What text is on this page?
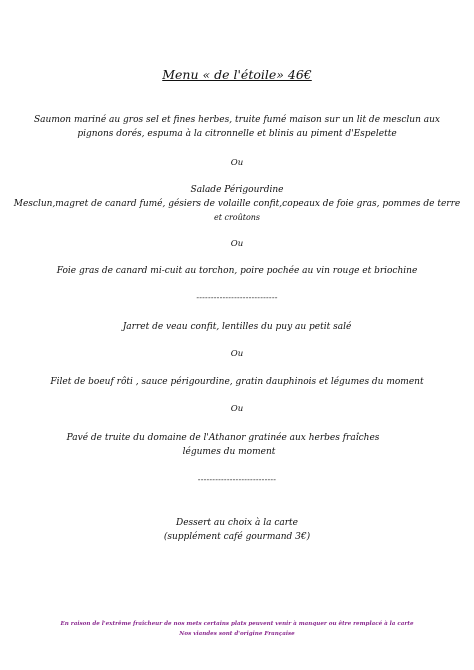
Menu « de l'étoile» 46€
Saumon mariné au gros sel et fines herbes, truite fumé maison sur un lit de mesclun aux
pignons dorés, espuma à la citronnelle et blinis au piment d'Espelette
Ou
Salade Périgourdine
Mesclun,magret de canard fumé, gésiers de volaille confit,copeaux de foie gras, pommes de terre
et croûtons
Ou
Foie gras de canard mi-cuit au torchon, poire pochée au vin rouge et briochine
----------------------------
Jarret de veau confit, lentilles du puy au petit salé
Ou
Filet de boeuf rôti , sauce périgourdine, gratin dauphinois et légumes du moment
Ou
Pavé de truite du domaine de l'Athanor gratinée aux herbes fraîches
légumes du moment
---------------------------
Dessert au choix à la carte
(supplément café gourmand 3€)
En raison de l'extrême fraîcheur de nos mets certains plats peuvent venir à manquer ou être remplacé à la carte
Nos viandes sont d'origine Française
